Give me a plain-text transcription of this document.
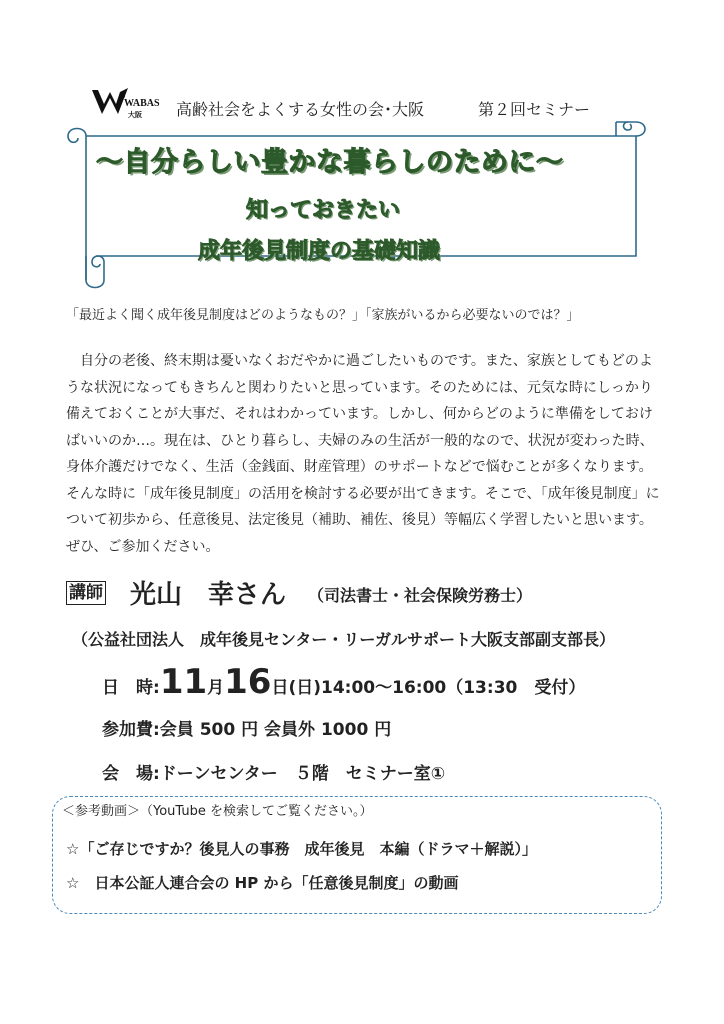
WABAS
大阪 高齢社会をよくする女性の会･大阪	第２回セミナー
～自分らしい豊かな暮らしのために～
知っておきたい
成年後見制度の基礎知識
「最近よく聞く成年後見制度はどのようなもの？」「家族がいるから必要ないのでは？」

自分の老後、終末期は憂いなくおだやかに過ごしたいものです。また、家族としてもどのような状況になってもきちんと関わりたいと思っています。そのためには、元気な時にしっかり備えておくことが大事だ、それはわかっています。しかし、何からどのように準備をしておけばいいのか…。現在は、ひとり暮らし、夫婦のみの生活が一般的なので、状況が変わった時、身体介護だけでなく、生活（金銭面、財産管理）のサポートなどで悩むことが多くなります。そんな時に「成年後見制度」の活用を検討する必要が出てきます。そこで、「成年後見制度」について初歩から、任意後見、法定後見（補助、補佐、後見）等幅広く学習したいと思います。ぜひ、ご参加ください。

講師 光山　幸さん （司法書士・社会保険労務士）
（公益社団法人　成年後見センター・リーガルサポート大阪支部副支部長）
日　時:11月16日(日)14:00～16:00（13:30　受付）
参加費:会員 500 円 会員外 1000 円
会　場:ドーンセンター　５階　セミナー室①
＜参考動画＞（YouTube を検索してご覧ください。）
☆「ご存じですか？後見人の事務　成年後見　本編（ドラマ＋解説）」
☆　日本公証人連合会の HP から「任意後見制度」の動画
